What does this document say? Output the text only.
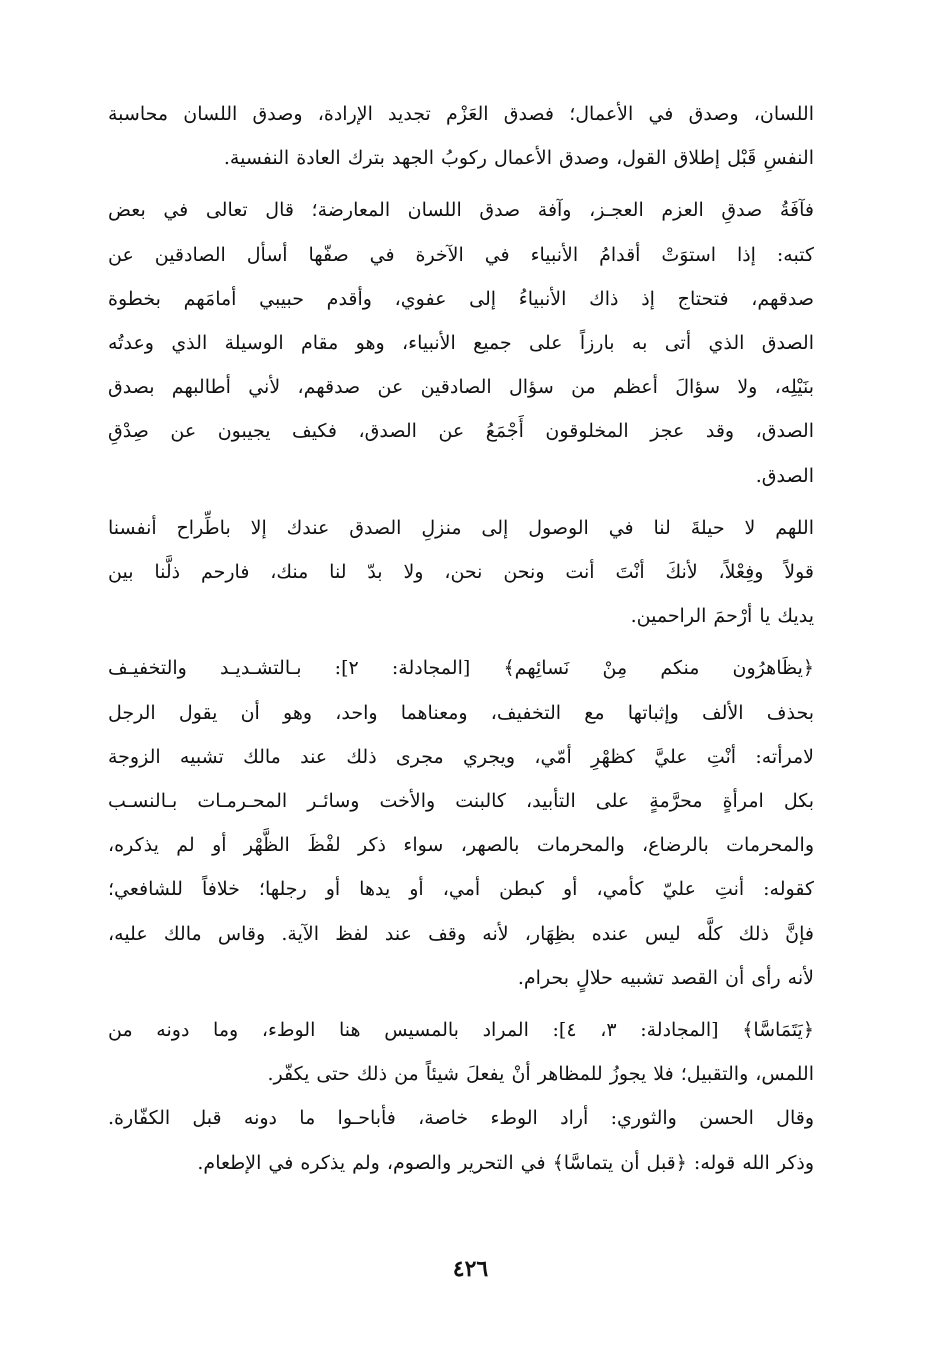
اللسان، وصدق في الأعمال؛ فصدق العَزْم تجديد الإرادة، وصدق اللسان محاسبة
النفسِ قَبْل إطلاق القول، وصدق الأعمال ركوبُ الجهد بترك العادة النفسية.

فآفَةُ صدقِ العزم العجـز، وآفة صدق اللسان المعارضة؛ قال تعالى في بعض
كتبه: إذا استوَتْ أقدامُ الأنبياء في الآخرة في صفّها أسأل الصادقين عن
صدقهم، فتحتاج إذ ذاك الأنبياءُ إلى عفوي، وأقدم حبيبي أمامَهم بخطوة
الصدق الذي أتى به بارزاً على جميع الأنبياء، وهو مقام الوسيلة الذي وعدتُه
بنَيْلِه، ولا سؤالَ أعظم من سؤال الصادقين عن صدقهم، لأني أطالبهم بصدق
الصدق، وقد عجز المخلوقون أَجْمَعُ عن الصدق، فكيف يجيبون عن صِدْقِ
الصدق.

اللهم لا حيلةَ لنا في الوصول إلى منزلِ الصدق عندك إلا باطِّراح أنفسنا
قولاً وفِعْلاً، لأنكَ أنْتَ أنت ونحن نحن، ولا بدّ لنا منك، فارحم ذلَّنا بين
يديك يا أرْحمَ الراحمين.

﴿يظَاهرُون منكم مِنْ نَسائِهم﴾ [المجادلة: ٢]: بـالتشـديـد والتخفيـف
بحذف الألف وإثباتها مع التخفيف، ومعناهما واحد، وهو أن يقول الرجل
لامرأته: أنْتِ عليَّ كظهْرِ أمّي، ويجري مجرى ذلك عند مالك تشبيه الزوجة
بكل امرأةٍ محرَّمةٍ على التأبيد، كالبنت والأخت وسائـر المحـرمـات بـالنسـب
والمحرمات بالرضاع، والمحرمات بالصهر، سواء ذكر لفْظَ الظَّهْر أو لم يذكره،
كقوله: أنتِ عليّ كأمي، أو كبطن أمي، أو يدها أو رجلها؛ خلافاً للشافعي؛
فإنَّ ذلك كلَّه ليس عنده بظِهَار، لأنه وقف عند لفظ الآية. وقاس مالك عليه،
لأنه رأى أن القصد تشبيه حلالٍ بحرام.

﴿يَتَمَاسَّا﴾ [المجادلة: ٣، ٤]: المراد بالمسيس هنا الوطء، وما دونه من
اللمس، والتقبيل؛ فلا يجوزُ للمظاهر أنْ يفعلَ شيئاً من ذلك حتى يكفّر.

وقال الحسن والثوري: أراد الوطء خاصة، فأباحـوا ما دونه قبل الكفّارة.
وذكر الله قوله: ﴿قبل أن يتماسَّا﴾ في التحرير والصوم، ولم يذكره في الإطعام.

٤٢٦
